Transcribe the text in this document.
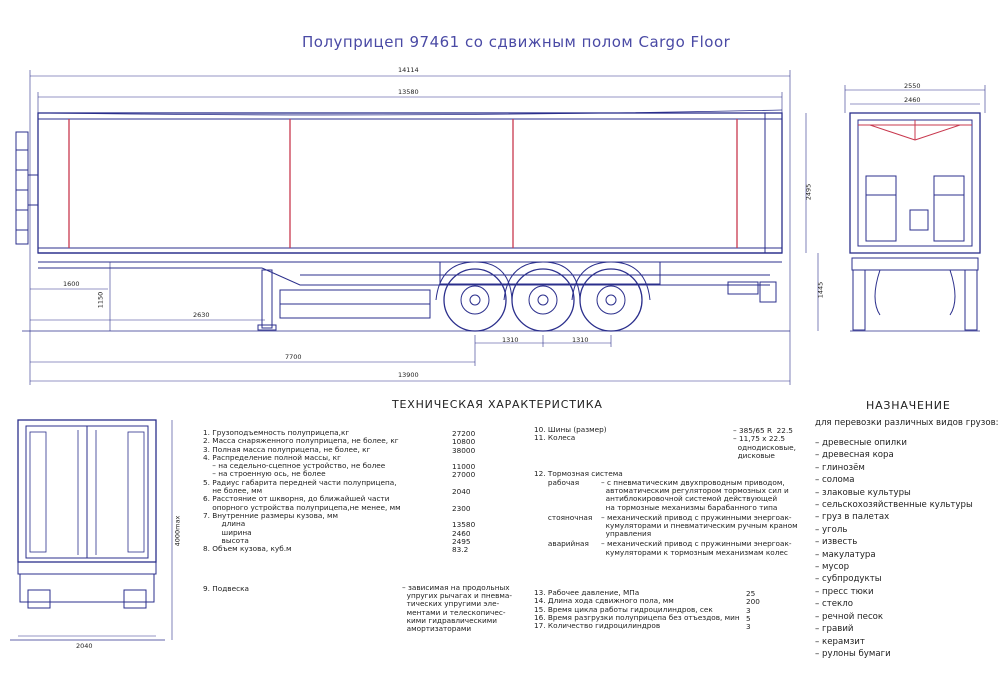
Полуприцеп 97461 со сдвижным полом Cargo Floor
14114
13580
1600
1150
2630
7700
13900
1310	1310
2495
1445
2550
2460
2040
4000max
ТЕХНИЧЕСКАЯ ХАРАКТЕРИСТИКА
1. Грузоподъемность полуприцепа,кг	27200
2. Масса снаряженного полуприцепа, не более, кг	10800
3. Полная масса полуприцепа, не более, кг	38000
4. Распределение полной массы, кг
– на седельно-сцепное устройство, не более	11000
– на строенную ось, не более	27000
5. Радиус габарита передней части полуприцепа,
не более, мм	2040
6. Расстояние от шкворня, до ближайшей части
опорного устройства полуприцепа,не менее, мм	2300
7. Внутренние размеры кузова, мм
длина	13580
ширина	2460
высота	2495
8. Объем кузова, куб.м	83.2
9. Подвеска	– зависимая на продольных
упругих рычагах и пневма-
тических упругими эле-
ментами и телескопичес-
кими гидравлическими
амортизаторами
10. Шины (размер)	– 385/65 R  22.5
11. Колеса	– 11,75 x 22.5
однодисковые,
дисковые
12. Тормозная система
рабочая	– с пневматическим двухпроводным приводом,
автоматическим регулятором тормозных сил и
антиблокировочной системой действующей
на тормозные механизмы барабанного типа
стояночная – механический привод с пружинными энергоак-
кумуляторами и пневматическим ручным краном
управления
аварийная – механический привод с пружинными энергоак-
кумуляторами к тормозным механизмам колес
13. Рабочее давление, МПа	25
14. Длина хода сдвижного пола, мм	200
15. Время цикла работы гидроцилиндров, сек	3
16. Время разгрузки полуприцепа без отъездов, мин 5
17. Количество гидроцилиндров	3
НАЗНАЧЕНИЕ
для перевозки различных видов грузов:
– древесные опилки
– древесная кора
– глинозём
– солома
– злаковые культуры
– сельскохозяйственные культуры
– груз в палетах
– уголь
– известь
– макулатура
– мусор
– субпродукты
– пресс тюки
– стекло
– речной песок
– гравий
– керамзит
– рулоны бумаги
